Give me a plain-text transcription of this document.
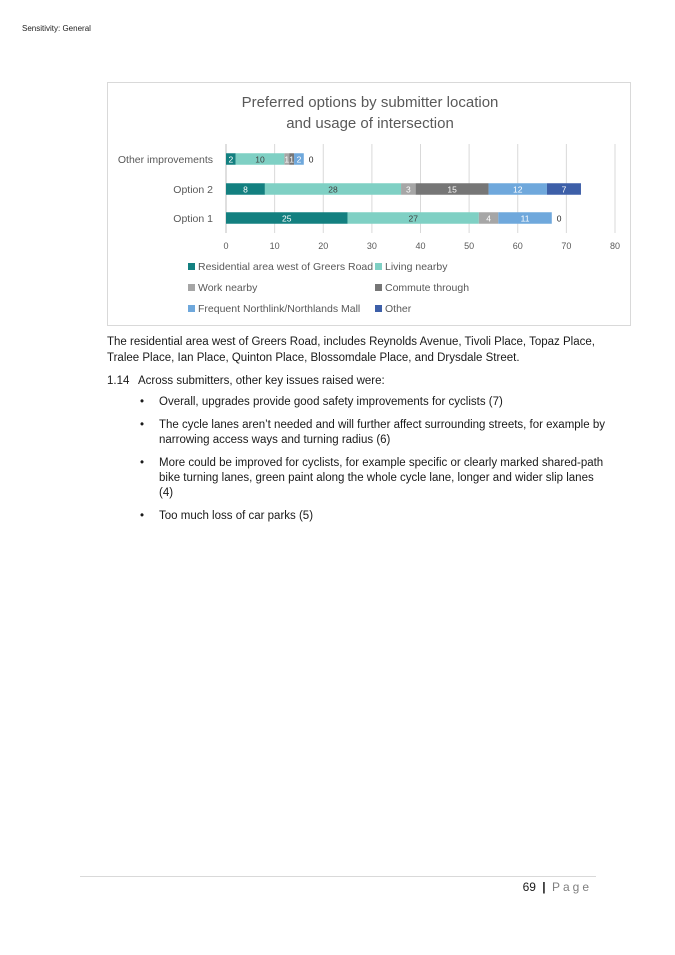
Sensitivity: General
Preferred options by submitter location
and usage of intersection
0	10	20	30	40	50	60	70	80
Other improvements
Option 2
Option 1
2	10 1 1 2 0
8	28	3	15	12	7
25	27	4	11	0
Residential area west of Greers Road Living nearby
Work nearby	Commute through
Frequent Northlink/Northlands Mall Other
The residential area west of Greers Road, includes Reynolds Avenue, Tivoli Place, Topaz Place, Tralee Place, Ian Place, Quinton Place, Blossomdale Place, and Drysdale Street.
1.14 Across submitters, other key issues raised were:
• Overall, upgrades provide good safety improvements for cyclists (7)
• The cycle lanes aren’t needed and will further affect surrounding streets, for example by narrowing access ways and turning radius (6)
• More could be improved for cyclists, for example specific or clearly marked shared-path bike turning lanes, green paint along the whole cycle lane, longer and wider slip lanes (4)
• Too much loss of car parks (5)
69 | Page
